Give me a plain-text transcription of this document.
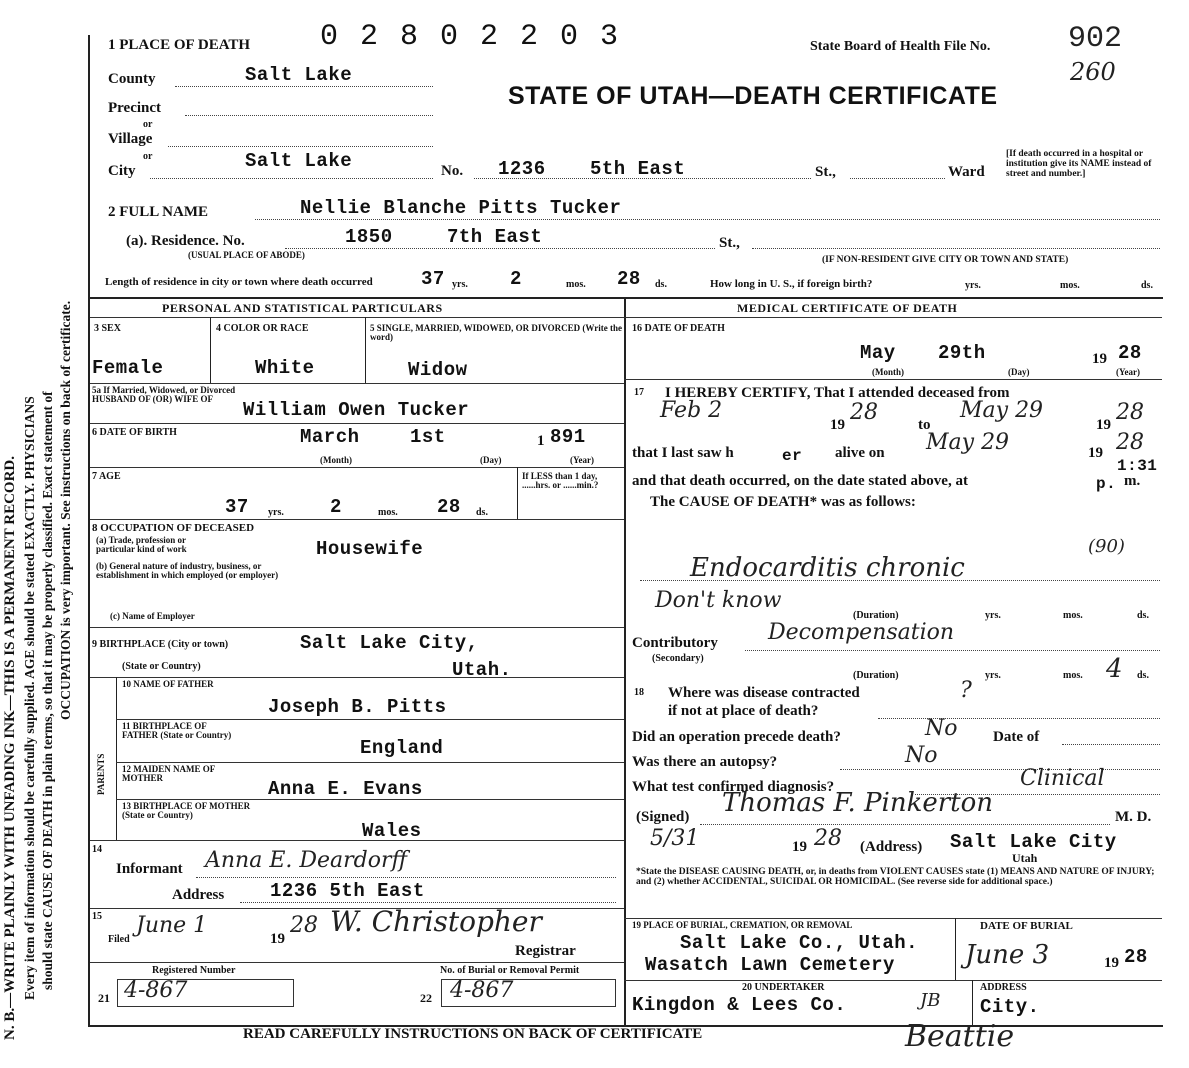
N. B.—WRITE PLAINLY WITH UNFADING INK—THIS IS A PERMANENT RECORD. Every item of information should be carefully supplied. AGE should be stated EXACTLY. PHYSICIANS should state CAUSE OF DEATH in plain terms, so that it may be properly classified. Exact statement of OCCUPATION is very important. See instructions on back of certificate.
1 PLACE OF DEATH 0 2 8 0 2 2 0 3	State Board of Health File No.	902
260
STATE OF UTAH—DEATH CERTIFICATE
County	Salt Lake
Precinct
or
Village
or
City	Salt Lake	No. 1236 5th East	St.,	Ward
[If death occurred in a hospital or institution give its NAME instead of street and number.]
2 FULL NAME	Nellie Blanche Pitts Tucker
(a). Residence. No.
(USUAL PLACE OF ABODE)
1850	7th East	St.,
(IF NON-RESIDENT GIVE CITY OR TOWN AND STATE)
Length of residence in city or town where death occurred	37 yrs. 2	mos. 28 ds.	How long in U. S., if foreign birth?	yrs.	mos.	ds.
PERSONAL AND STATISTICAL PARTICULARS
3 SEX
Female
4 COLOR OR RACE
White
5 SINGLE, MARRIED, WIDOWED, OR DIVORCED (Write the word)
Widow
5a If Married, Widowed, or Divorced HUSBAND OF (OR) WIFE OF	William Owen Tucker
6 DATE OF BIRTH	March	1st	1 891
(Month)	(Day)	(Year)
7 AGE
37 yrs. 2	mos. 28 ds.
If LESS than 1 day, ......hrs. or ......min.?
8 OCCUPATION OF DECEASED
(a) Trade, profession or particular kind of work	Housewife
(b) General nature of industry, business, or establishment in which employed (or employer)
(c) Name of Employer
9 BIRTHPLACE (City or town)	Salt Lake City,
(State or Country)	Utah.
PARENTS
10 NAME OF FATHER
Joseph B. Pitts
11 BIRTHPLACE OF FATHER (State or Country)
England
12 MAIDEN NAME OF MOTHER	Anna E. Evans
13 BIRTHPLACE OF MOTHER (State or Country)
Wales
14
Informant Anna E. Deardorff
Address 1236 5th East
15
Filed
June 1
19
28 W. Christopher
Registrar
Registered Number	No. of Burial or Removal Permit
21 4-867	22 4-867
MEDICAL CERTIFICATE OF DEATH
16 DATE OF DEATH
May 29th	19 28
(Month)	(Day)	(Year)
17 I HEREBY CERTIFY, That I attended deceased from
Feb 2
19 28	to
May 29
19 28
that I last saw h	er alive on May 29	19 28
and that death occurred, on the date stated above, at	p. m.
1:31
The CAUSE OF DEATH* was as follows:
(90)
Endocarditis chronic
Don't know
(Duration)	yrs.	mos.	ds.
Contributory
(Secondary)
Decompensation
(Duration)	yrs.	mos. 4 ds.
18 Where was disease contracted	?
if not at place of death?
Did an operation precede death?	No Date of
Was there an autopsy?	No
What test confirmed diagnosis?	Clinical
(Signed) Thomas F. Pinkerton	M. D.
5/31	19 28 (Address) Salt Lake City
Utah
*State the DISEASE CAUSING DEATH, or, in deaths from VIOLENT CAUSES state (1) MEANS AND NATURE OF INJURY; and (2) whether ACCIDENTAL, SUICIDAL OR HOMICIDAL. (See reverse side for additional space.)
19 PLACE OF BURIAL, CREMATION, OR REMOVAL
Salt Lake Co., Utah.
Wasatch Lawn Cemetery
DATE OF BURIAL
June 3	19 28
20 UNDERTAKER
Kingdon & Lees Co.	JB
ADDRESS
City.
READ CAREFULLY INSTRUCTIONS ON BACK OF CERTIFICATE	Beattie
